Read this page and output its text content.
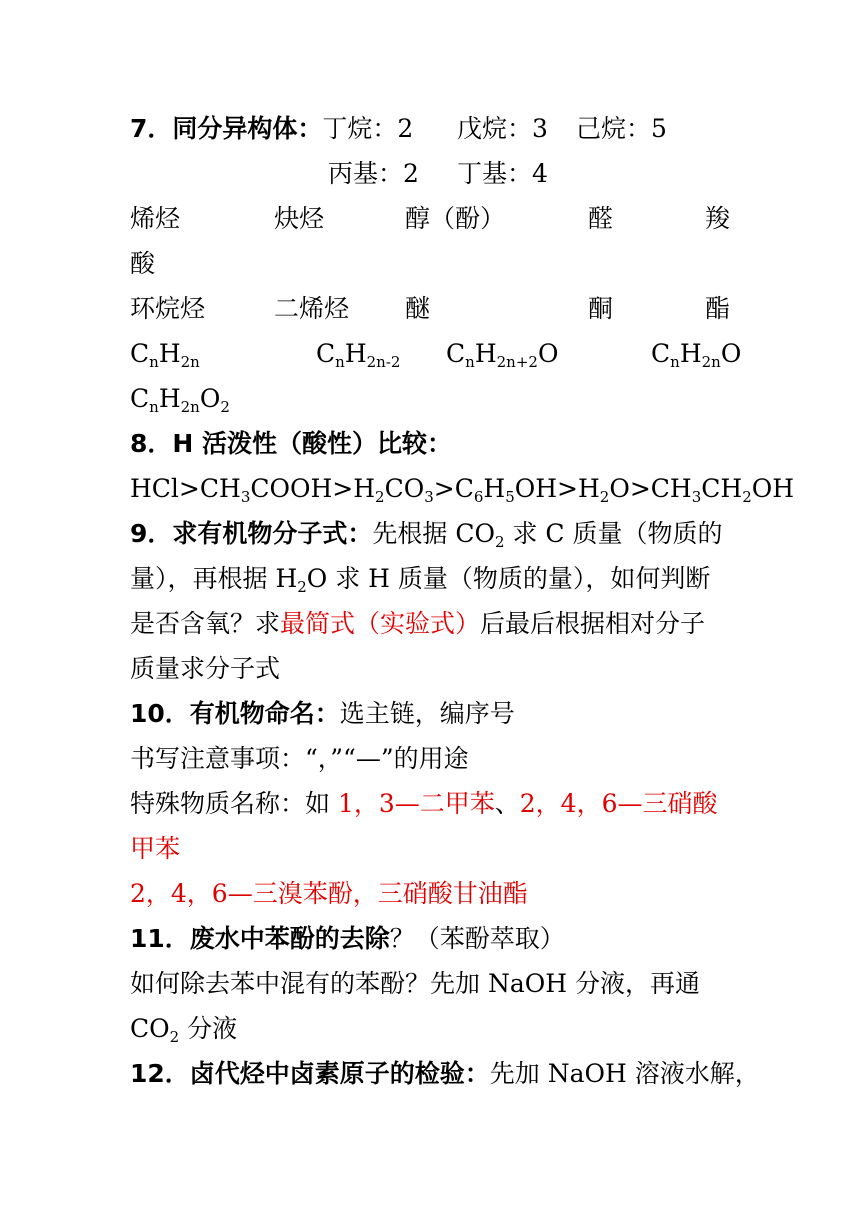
7．同分异构体：丁烷：2 戊烷：3 己烷：5
丙基：2 丁基：4
烯烃	炔烃	醇（酚）	醛	羧
酸
环烷烃	二烯烃 醚	酮	酯
$C_nH_{2n}$	$C_nH_{2n-2}$ $C_nH_{2n+2}O$	$C_nH_{2n}O$
$C_nH_{2n}O_2$
8．H 活泼性（酸性）比较：
$HCl>CH_3COOH>H_2CO_3>C_6H_5OH>H_2O>CH_3CH_2OH$
9．求有机物分子式：先根据 $CO_2$ 求 C 质量（物质的
量），再根据 $H_2O$ 求 H 质量（物质的量），如何判断
是否含氧？求最简式（实验式）后最后根据相对分子
质量求分子式
10．有机物命名：选主链，编序号
书写注意事项：“，”“—”的用途
特殊物质名称：如 1，3—二甲苯、2，4，6—三硝酸
甲苯
2，4，6—三溴苯酚，三硝酸甘油酯
11．废水中苯酚的去除？（苯酚萃取）
如何除去苯中混有的苯酚？先加 NaOH 分液，再通
$CO_2$ 分液
12．卤代烃中卤素原子的检验：先加 NaOH 溶液水解，
